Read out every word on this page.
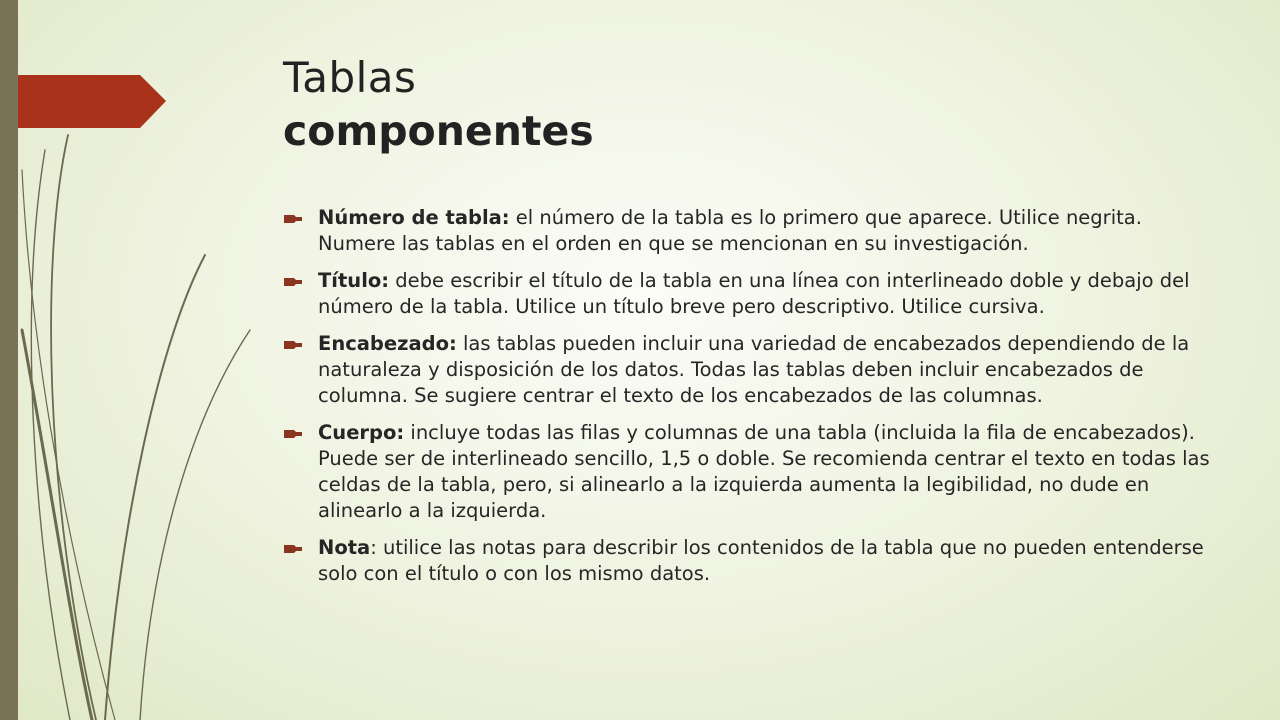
Tablas
componentes
Número de tabla: el número de la tabla es lo primero que aparece. Utilice negrita. Numere las tablas en el orden en que se mencionan en su investigación.
Título: debe escribir el título de la tabla en una línea con interlineado doble y debajo del número de la tabla. Utilice un título breve pero descriptivo. Utilice cursiva.
Encabezado: las tablas pueden incluir una variedad de encabezados dependiendo de la naturaleza y disposición de los datos. Todas las tablas deben incluir encabezados de columna. Se sugiere centrar el texto de los encabezados de las columnas.
Cuerpo: incluye todas las filas y columnas de una tabla (incluida la fila de encabezados). Puede ser de interlineado sencillo, 1,5 o doble. Se recomienda centrar el texto en todas las celdas de la tabla, pero, si alinearlo a la izquierda aumenta la legibilidad, no dude en alinearlo a la izquierda.
Nota: utilice las notas para describir los contenidos de la tabla que no pueden entenderse solo con el título o con los mismo datos.
